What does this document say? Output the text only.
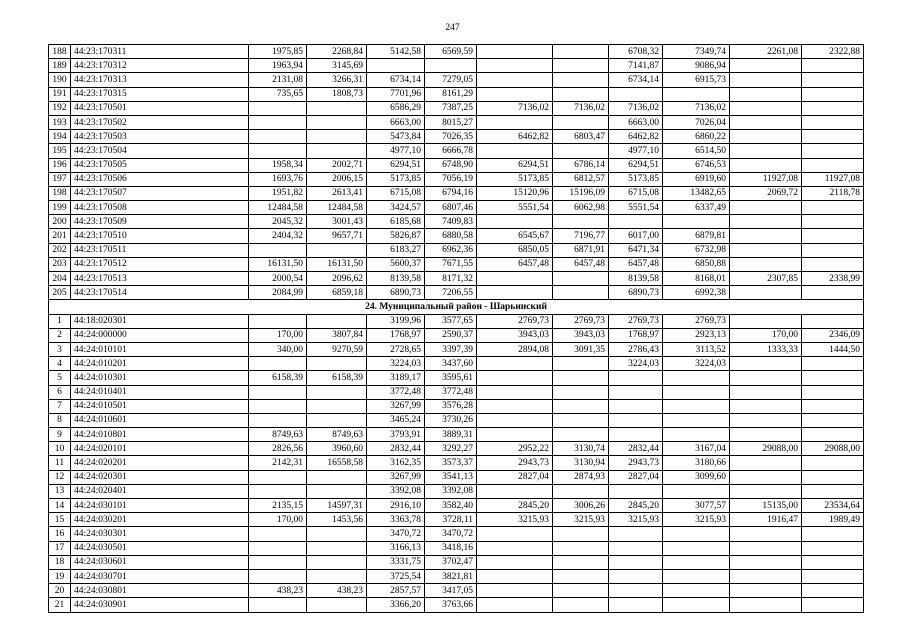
247
188	44:23:170311	1975,85	2268,84	5142,58	6569,59			6708,32	7349,74	2261,08	2322,88
189	44:23:170312	1963,94	3145,69					7141,87	9086,94		
190	44:23:170313	2131,08	3266,31	6734,14	7279,05			6734,14	6915,73		
191	44:23:170315	735,65	1808,73	7701,96	8161,29						
192	44:23:170501			6586,29	7387,25	7136,02	7136,02	7136,02	7136,02		
193	44:23:170502			6663,00	8015,27			6663,00	7026,04		
194	44:23:170503			5473,84	7026,35	6462,82	6803,47	6462,82	6860,22		
195	44:23:170504			4977,10	6666,78			4977,10	6514,50		
196	44:23:170505	1958,34	2002,71	6294,51	6748,90	6294,51	6786,14	6294,51	6746,53		
197	44:23:170506	1693,76	2006,15	5173,85	7056,19	5173,85	6812,57	5173,85	6919,60	11927,08	11927,08
198	44:23:170507	1951,82	2613,41	6715,08	6794,16	15120,96	15196,09	6715,08	13482,65	2069,72	2118,78
199	44:23:170508	12484,58	12484,58	3424,57	6807,46	5551,54	6062,98	5551,54	6337,49		
200	44:23:170509	2045,32	3001,43	6185,68	7409,83						
201	44:23:170510	2404,32	9657,71	5826,87	6880,58	6545,67	7196,77	6017,00	6879,81		
202	44:23:170511			6183,27	6962,36	6850,05	6871,91	6471,34	6732,98		
203	44:23:170512	16131,50	16131,50	5600,37	7671,55	6457,48	6457,48	6457,48	6850,88		
204	44:23:170513	2000,54	2096,62	8139,58	8171,32			8139,58	8168,01	2307,85	2338,99
205	44:23:170514	2084,99	6859,18	6890,73	7206,55			6890,73	6992,38		
24. Муниципальный район - Шарьинский											
1	44:18:020301			3199,96	3577,65	2769,73	2769,73	2769,73	2769,73		
2	44:24:000000	170,00	3807,84	1768,97	2590,37	3943,03	3943,03	1768,97	2923,13	170,00	2346,09
3	44:24:010101	340,00	9270,59	2728,65	3397,39	2894,08	3091,35	2786,43	3113,52	1333,33	1444,50
4	44:24:010201			3224,03	3437,60			3224,03	3224,03		
5	44:24:010301	6158,39	6158,39	3189,17	3595,61						
6	44:24:010401			3772,48	3772,48						
7	44:24:010501			3267,99	3576,28						
8	44:24:010601			3465,24	3730,26						
9	44:24:010801	8749,63	8749,63	3793,91	3889,31						
10	44:24:020101	2826,56	3960,60	2832,44	3292,27	2952,22	3130,74	2832,44	3167,04	29088,00	29088,00
11	44:24:020201	2142,31	16558,58	3162,35	3573,37	2943,73	3130,94	2943,73	3180,66		
12	44:24:020301			3267,99	3541,13	2827,04	2874,93	2827,04	3099,60		
13	44:24:020401			3392,08	3392,08						
14	44:24:030101	2135,15	14597,31	2916,10	3582,40	2845,20	3006,26	2845,20	3077,57	15135,00	23534,64
15	44:24:030201	170,00	1453,56	3363,78	3728,11	3215,93	3215,93	3215,93	3215,93	1916,47	1989,49
16	44:24:030301			3470,72	3470,72						
17	44:24:030501			3166,13	3418,16						
18	44:24:030601			3331,75	3702,47						
19	44:24:030701			3725,54	3821,81						
20	44:24:030801	438,23	438,23	2857,57	3417,05						
21	44:24:030901			3366,20	3763,66						
